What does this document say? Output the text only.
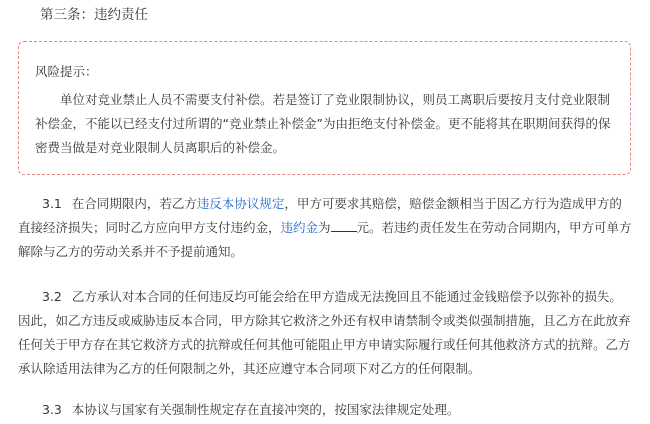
第三条：违约责任

风险提示：

单位对竞业禁止人员不需要支付补偿。若是签订了竞业限制协议，则员工离职后要按月支付竞业限制补偿金，不能以已经支付过所谓的“竞业禁止补偿金”为由拒绝支付补偿金。更不能将其在职期间获得的保密费当做是对竞业限制人员离职后的补偿金。

3.1 在合同期限内，若乙方违反本协议规定，甲方可要求其赔偿，赔偿金额相当于因乙方行为造成甲方的直接经济损失；同时乙方应向甲方支付违约金，违约金为 元。若违约责任发生在劳动合同期内，甲方可单方解除与乙方的劳动关系并不予提前通知。

3.2 乙方承认对本合同的任何违反均可能会给在甲方造成无法挽回且不能通过金钱赔偿予以弥补的损失。因此，如乙方违反或威胁违反本合同，甲方除其它救济之外还有权申请禁制令或类似强制措施，且乙方在此放弃任何关于甲方存在其它救济方式的抗辩或任何其他可能阻止甲方申请实际履行或任何其他救济方式的抗辩。乙方承认除适用法律为乙方的任何限制之外，其还应遵守本合同项下对乙方的任何限制。

3.3 本协议与国家有关强制性规定存在直接冲突的，按国家法律规定处理。
